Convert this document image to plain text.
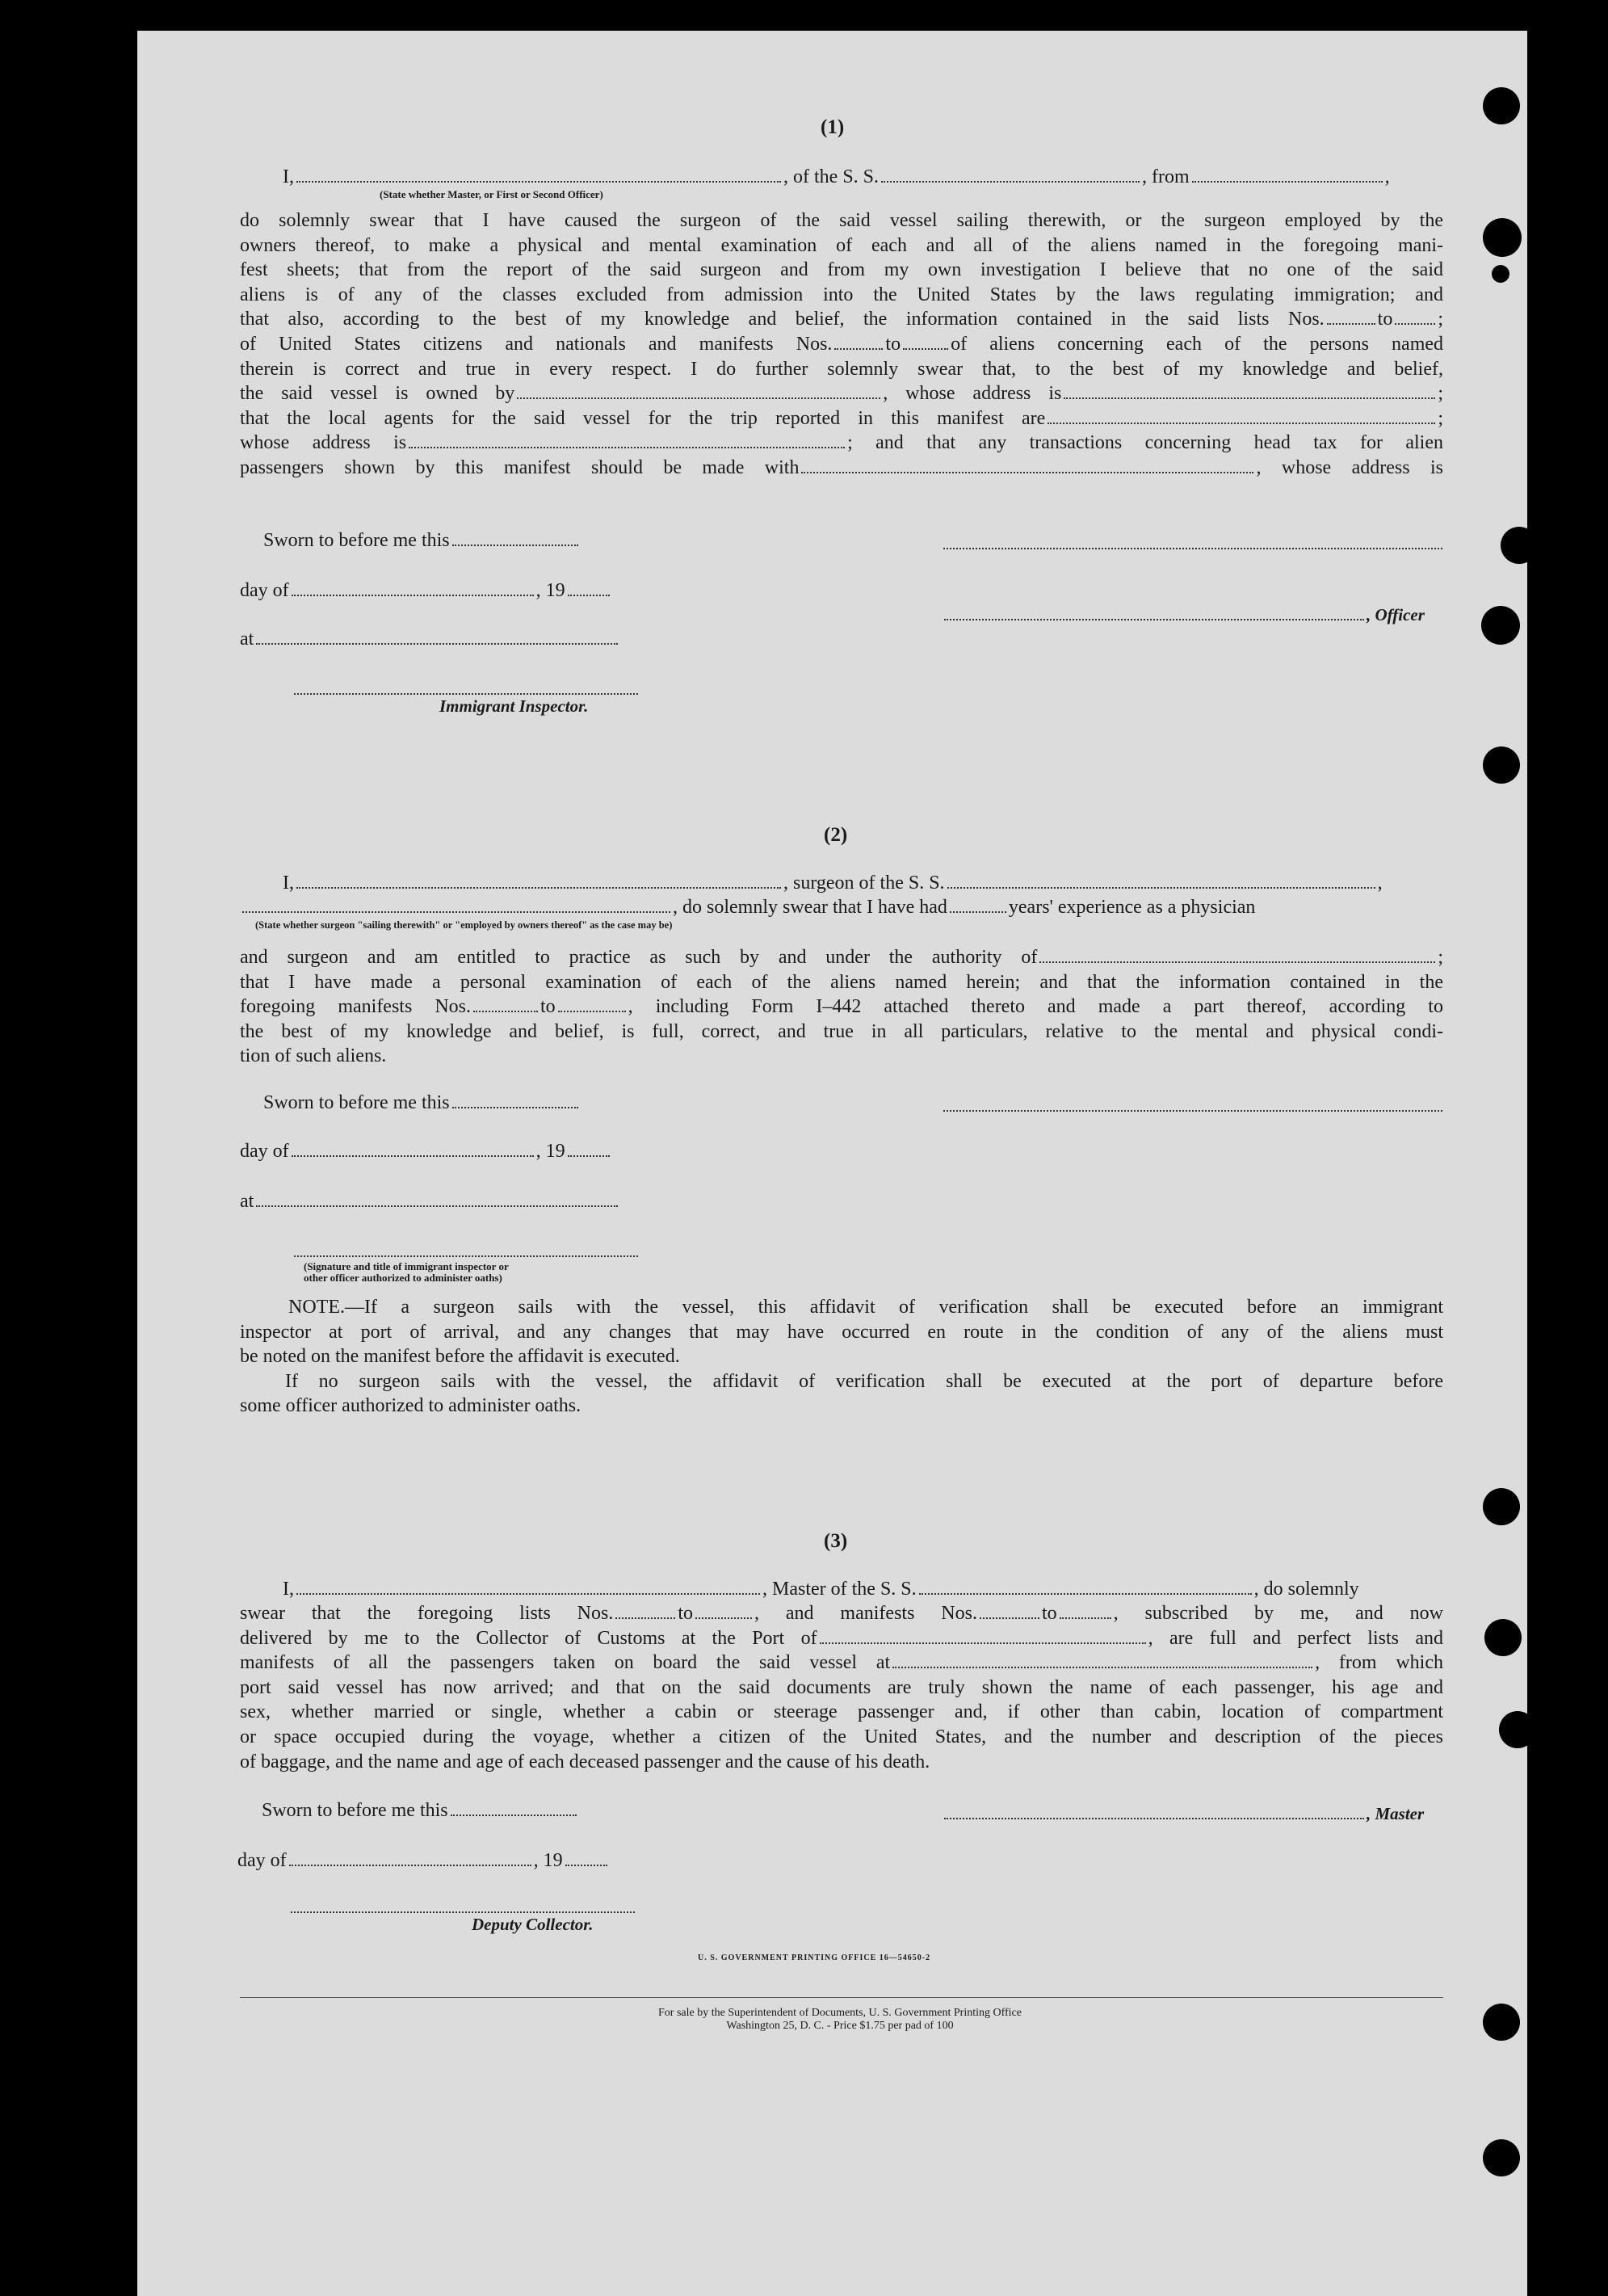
(1)
I,	, of the S. S.	, from	,
(State whether Master, or First or Second Officer)
do solemnly swear that I have caused the surgeon of the said vessel sailing therewith, or the surgeon employed by the
owners thereof, to make a physical and mental examination of each and all of the aliens named in the foregoing mani-
fest sheets; that from the report of the said surgeon and from my own investigation I believe that no one of the said
aliens is of any of the classes excluded from admission into the United States by the laws regulating immigration; and
that also, according to the best of my knowledge and belief, the information contained in the said lists Nos.	to ;
of United States citizens and nationals and manifests Nos.	to	of aliens concerning each of the persons named
therein is correct and true in every respect. I do further solemnly swear that, to the best of my knowledge and belief,
the said vessel is owned by	, whose address is	;
that the local agents for the said vessel for the trip reported in this manifest are	;
whose address is	; and that any transactions concerning head tax for alien
passengers shown by this manifest should be made with	, whose address is
Sworn to before me this
day of	, 19
, Officer
at
Immigrant Inspector.
(2)
I,	, surgeon of the S. S.	,
, do solemnly swear that I have had	years' experience as a physician
(State whether surgeon "sailing therewith" or "employed by owners thereof" as the case may be)
and surgeon and am entitled to practice as such by and under the authority of	;
that I have made a personal examination of each of the aliens named herein; and that the information contained in the
foregoing manifests Nos.	to	, including Form I–442 attached thereto and made a part thereof, according to
the best of my knowledge and belief, is full, correct, and true in all particulars, relative to the mental and physical condi-
tion of such aliens.
Sworn to before me this
day of	, 19
at
(Signature and title of immigrant inspector or
other officer authorized to administer oaths)
NOTE.—If a surgeon sails with the vessel, this affidavit of verification shall be executed before an immigrant
inspector at port of arrival, and any changes that may have occurred en route in the condition of any of the aliens must
be noted on the manifest before the affidavit is executed.
If no surgeon sails with the vessel, the affidavit of verification shall be executed at the port of departure before
some officer authorized to administer oaths.
(3)
I,	, Master of the S. S.	, do solemnly
swear that the foregoing lists Nos.	to	, and manifests Nos.	to	, subscribed by me, and now
delivered by me to the Collector of Customs at the Port of	, are full and perfect lists and
manifests of all the passengers taken on board the said vessel at	, from which
port said vessel has now arrived; and that on the said documents are truly shown the name of each passenger, his age and
sex, whether married or single, whether a cabin or steerage passenger and, if other than cabin, location of compartment
or space occupied during the voyage, whether a citizen of the United States, and the number and description of the pieces
of baggage, and the name and age of each deceased passenger and the cause of his death.
Sworn to before me this	, Master
day of	, 19
Deputy Collector.
U. S. GOVERNMENT PRINTING OFFICE 16—54650-2
For sale by the Superintendent of Documents, U. S. Government Printing Office
Washington 25, D. C. - Price $1.75 per pad of 100
